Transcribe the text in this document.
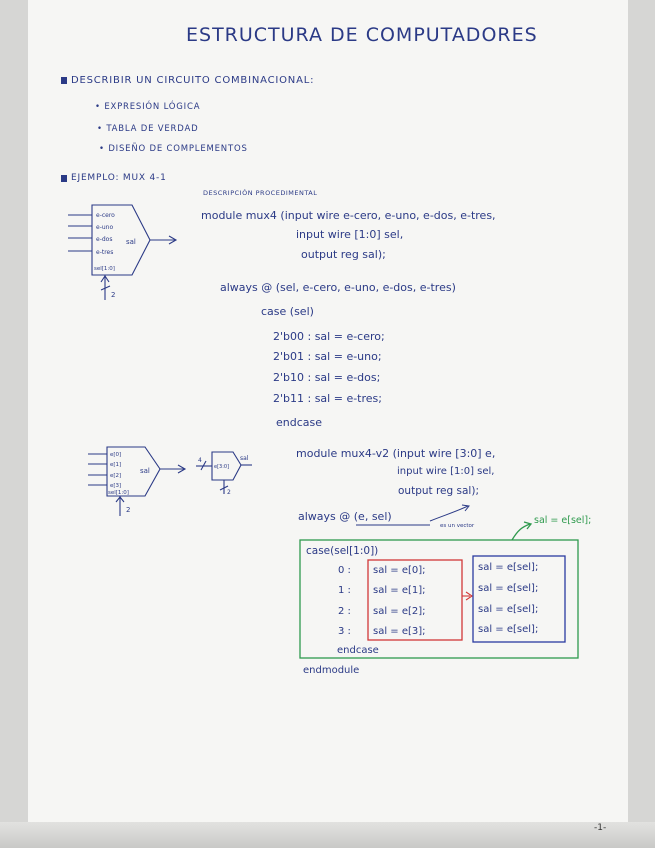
ESTRUCTURA DE COMPUTADORES
DESCRIBIR UN CIRCUITO COMBINACIONAL:
• EXPRESIÓN LÓGICA
• TABLA DE VERDAD
• DISEÑO DE COMPLEMENTOS
EJEMPLO: MUX 4-1
DESCRIPCIÓN PROCEDIMENTAL
module mux4 (input wire e-cero, e-uno, e-dos, e-tres,
input wire [1:0] sel,
output reg sal);
always @ (sel, e-cero, e-uno, e-dos, e-tres)
case (sel)
2'b00 : sal = e-cero;
2'b01 : sal = e-uno;
2'b10 : sal = e-dos;
2'b11 : sal = e-tres;
endcase
module mux4-v2 (input wire [3:0] e,
input wire [1:0] sel,
output reg sal);
always @ (e, sel)
es un vector	sal = e[sel];
case(sel[1:0])
0 :
1 :
2 :
3 :
sal = e[0];
sal = e[1];
sal = e[2];
sal = e[3];
sal = e[sel];
sal = e[sel];
sal = e[sel];
sal = e[sel];
endcase
endmodule
-1-
e-cero
e-uno
e-dos
e-tres
sal
sel[1:0]
2
e[0]
e[1]
e[2]
e[3]
sel[1:0]
sal
2
e[3:0]
4	sal
2
